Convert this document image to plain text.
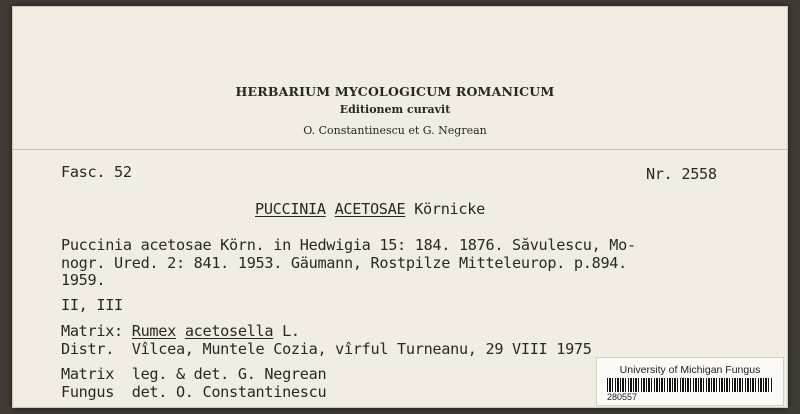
HERBARIUM MYCOLOGICUM ROMANICUM
Editionem curavit
O. Constantinescu et G. Negrean
Fasc. 52	Nr. 2558
PUCCINIA ACETOSAE Körnicke
Puccinia acetosae Körn. in Hedwigia 15: 184. 1876. Săvulescu, Mo-
nogr. Ured. 2: 841. 1953. Gäumann, Rostpilze Mitteleurop. p.894.
1959.
II, III
Matrix: Rumex acetosella L.
Distr. Vîlcea, Muntele Cozia, vîrful Turneanu, 29 VIII 1975
Matrix leg. & det. G. Negrean
Fungus det. O. Constantinescu
University of Michigan Fungus
280557
